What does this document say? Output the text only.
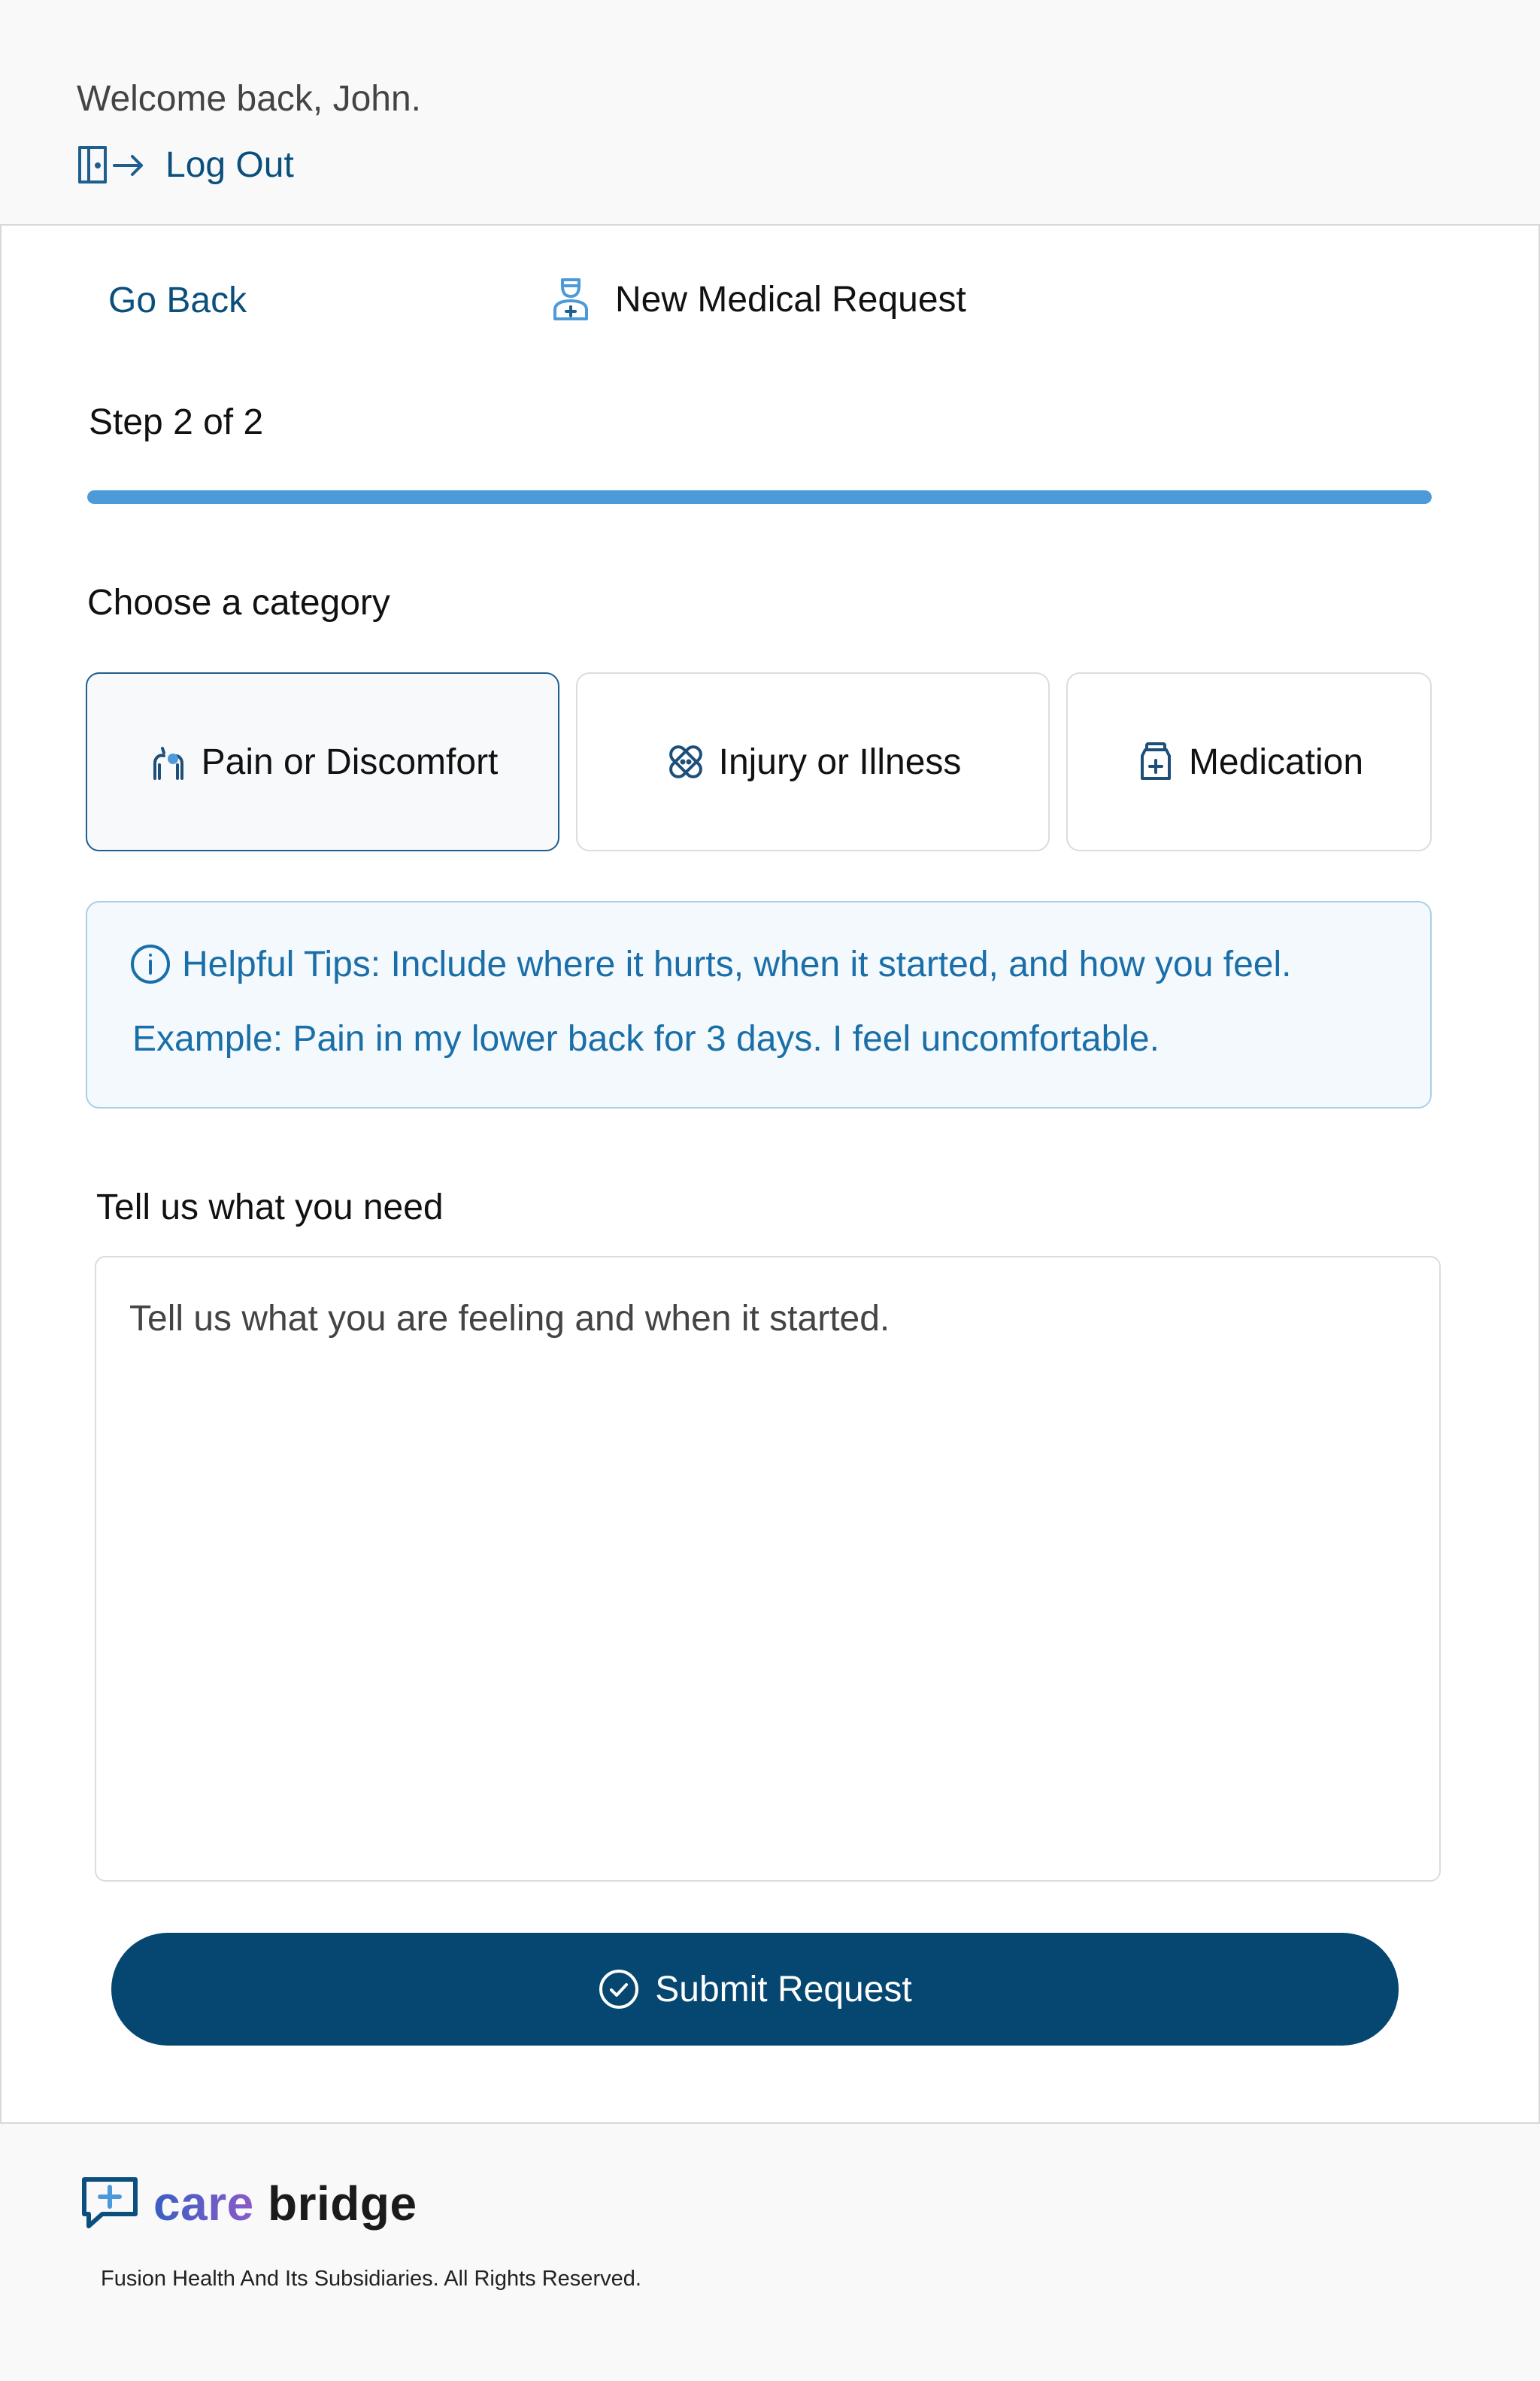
Welcome back, John.
Log Out
Go Back	New Medical Request
Step 2 of 2
Choose a category
Pain or Discomfort	Injury or Illness	Medication
Helpful Tips: Include where it hurts, when it started, and how you feel.
Example: Pain in my lower back for 3 days. I feel uncomfortable.
Tell us what you need
Tell us what you are feeling and when it started.
Submit Request
care bridge
Fusion Health And Its Subsidiaries. All Rights Reserved.
